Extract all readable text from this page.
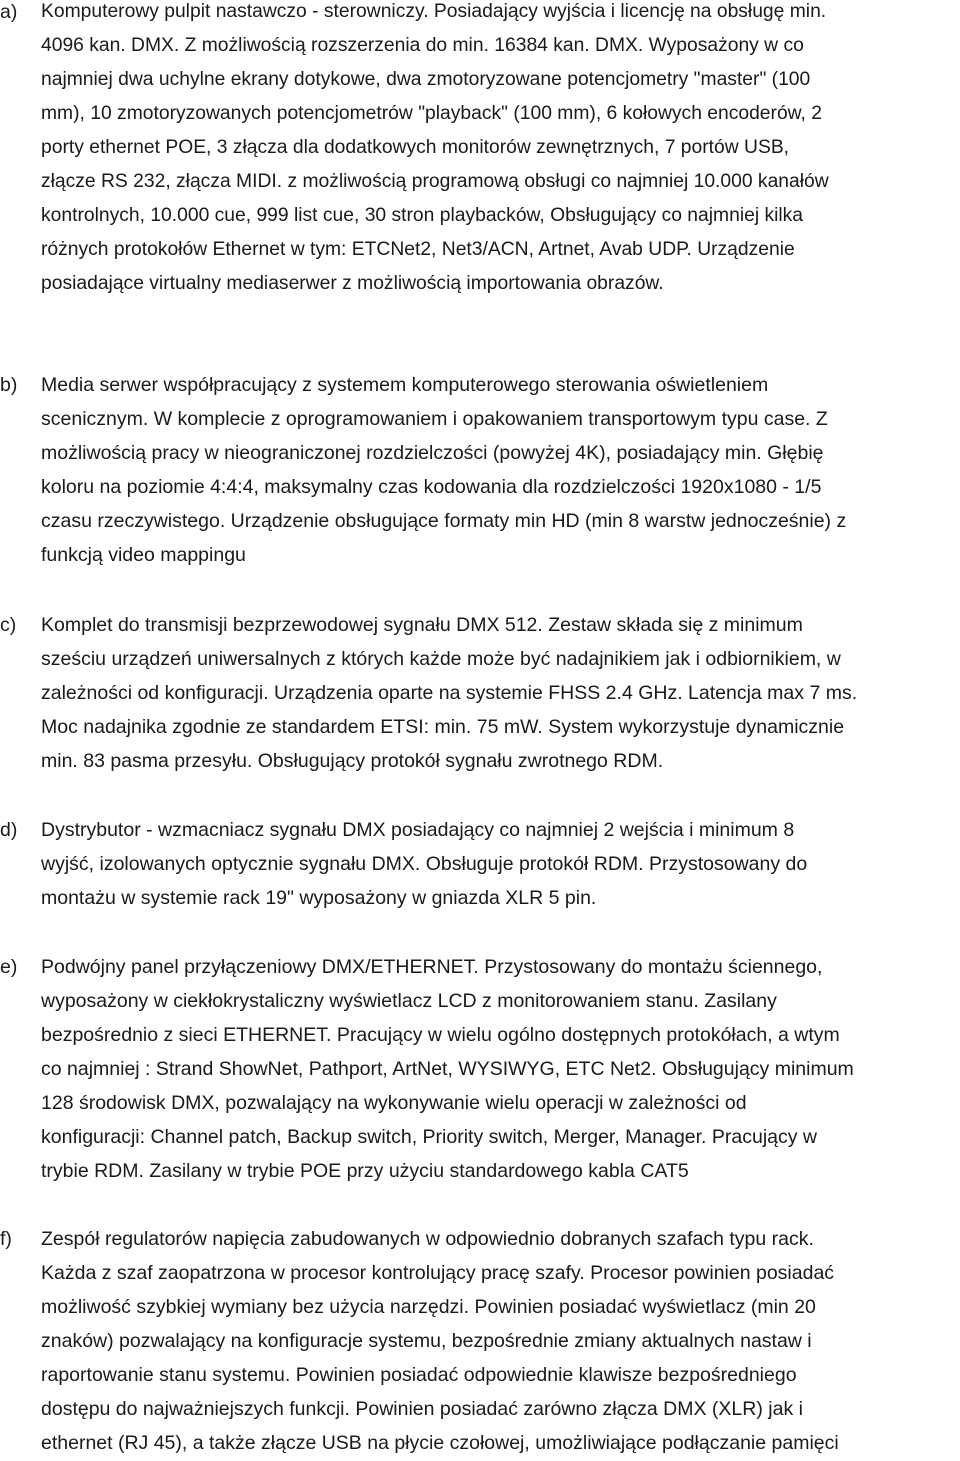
a)	Komputerowy pulpit nastawczo - sterowniczy. Posiadający wyjścia i licencję na obsługę min.
4096 kan. DMX. Z możliwością rozszerzenia do min. 16384 kan. DMX. Wyposażony w co
najmniej dwa uchylne ekrany dotykowe, dwa zmotoryzowane potencjometry "master" (100
mm), 10 zmotoryzowanych potencjometrów "playback" (100 mm), 6 kołowych encoderów, 2
porty ethernet POE, 3 złącza dla dodatkowych monitorów zewnętrznych, 7 portów USB,
złącze RS 232, złącza MIDI. z możliwością programową obsługi co najmniej 10.000 kanałów
kontrolnych, 10.000 cue, 999 list cue, 30 stron playbacków, Obsługujący co najmniej kilka
różnych protokołów Ethernet w tym: ETCNet2, Net3/ACN, Artnet, Avab UDP. Urządzenie
posiadające virtualny mediaserwer z możliwością importowania obrazów.
b)	Media serwer współpracujący z systemem komputerowego sterowania oświetleniem
scenicznym. W komplecie z oprogramowaniem i opakowaniem transportowym typu case. Z
możliwością pracy w nieograniczonej rozdzielczości (powyżej 4K), posiadający min. Głębię
koloru na poziomie 4:4:4, maksymalny czas kodowania dla rozdzielczości 1920x1080 - 1/5
czasu rzeczywistego. Urządzenie obsługujące formaty min HD (min 8 warstw jednocześnie) z
funkcją video mappingu
c)	Komplet do transmisji bezprzewodowej sygnału DMX 512. Zestaw składa się z minimum
sześciu urządzeń uniwersalnych z których każde może być nadajnikiem jak i odbiornikiem, w
zależności od konfiguracji. Urządzenia oparte na systemie FHSS 2.4 GHz. Latencja max 7 ms.
Moc nadajnika zgodnie ze standardem ETSI: min. 75 mW. System wykorzystuje dynamicznie
min. 83 pasma przesyłu. Obsługujący protokół sygnału zwrotnego RDM.
d)	Dystrybutor - wzmacniacz sygnału DMX posiadający co najmniej 2 wejścia i minimum 8
wyjść, izolowanych optycznie sygnału DMX. Obsługuje protokół RDM. Przystosowany do
montażu w systemie rack 19" wyposażony w gniazda XLR 5 pin.
e)	Podwójny panel przyłączeniowy DMX/ETHERNET. Przystosowany do montażu ściennego,
wyposażony w ciekłokrystaliczny wyświetlacz LCD z monitorowaniem stanu. Zasilany
bezpośrednio z sieci ETHERNET. Pracujący w wielu ogólno dostępnych protokółach, a wtym
co najmniej : Strand ShowNet, Pathport, ArtNet, WYSIWYG, ETC Net2. Obsługujący minimum
128 środowisk DMX, pozwalający na wykonywanie wielu operacji w zależności od
konfiguracji: Channel patch, Backup switch, Priority switch, Merger, Manager. Pracujący w
trybie RDM. Zasilany w trybie POE przy użyciu standardowego kabla CAT5
f)	Zespół regulatorów napięcia zabudowanych w odpowiednio dobranych szafach typu rack.
Każda z szaf zaopatrzona w procesor kontrolujący pracę szafy. Procesor powinien posiadać
możliwość szybkiej wymiany bez użycia narzędzi. Powinien posiadać wyświetlacz (min 20
znaków) pozwalający na konfiguracje systemu, bezpośrednie zmiany aktualnych nastaw i
raportowanie stanu systemu. Powinien posiadać odpowiednie klawisze bezpośredniego
dostępu do najważniejszych funkcji. Powinien posiadać zarówno złącza DMX (XLR) jak i
ethernet (RJ 45), a także złącze USB na płycie czołowej, umożliwiające podłączanie pamięci
